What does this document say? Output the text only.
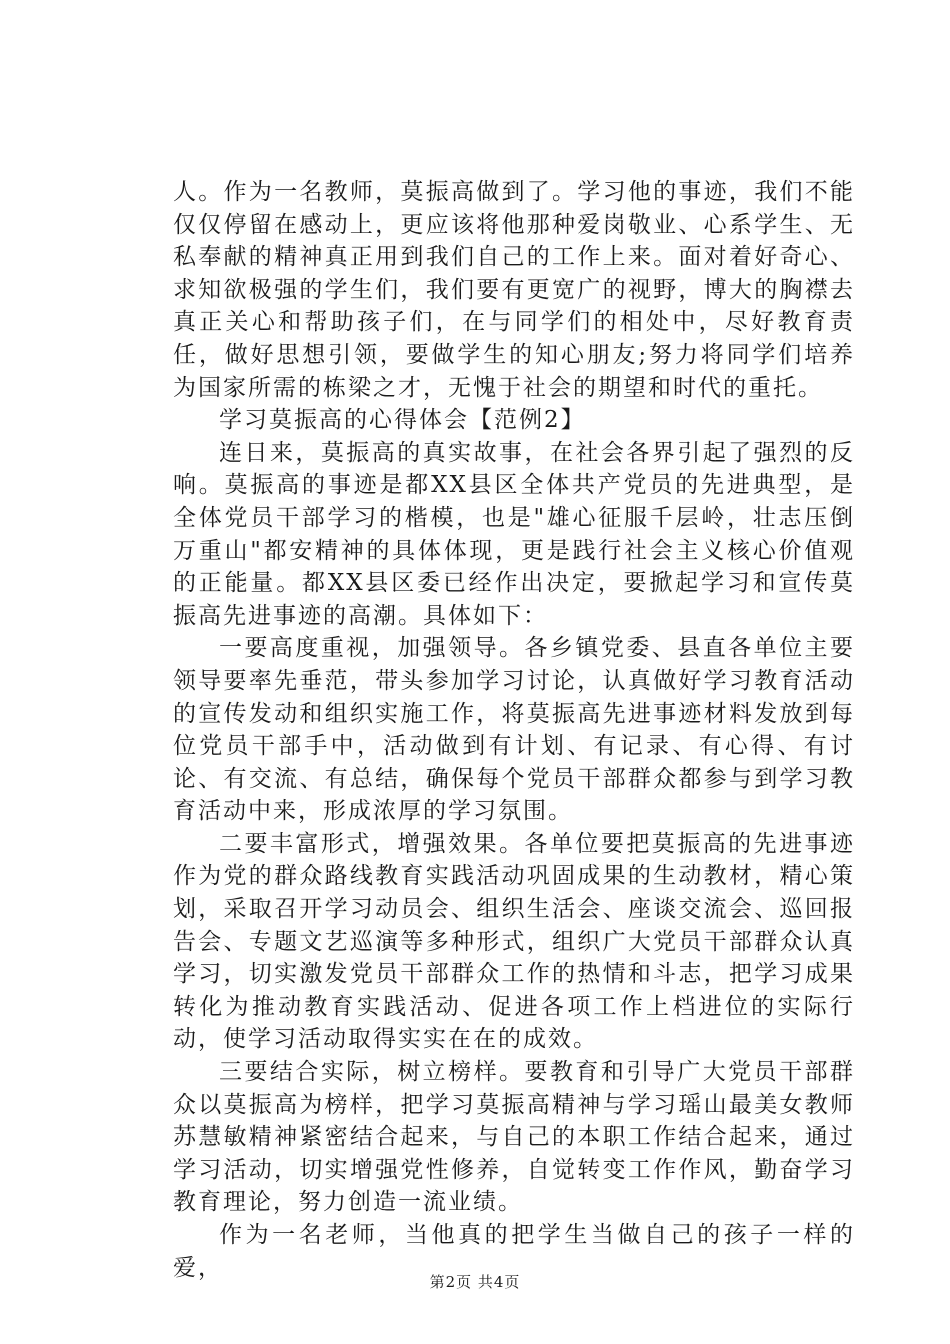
人。作为一名教师，莫振高做到了。学习他的事迹，我们不能仅仅停留在感动上，更应该将他那种爱岗敬业、心系学生、无私奉献的精神真正用到我们自己的工作上来。面对着好奇心、求知欲极强的学生们，我们要有更宽广的视野，博大的胸襟去真正关心和帮助孩子们，在与同学们的相处中，尽好教育责任，做好思想引领，要做学生的知心朋友;努力将同学们培养为国家所需的栋梁之才，无愧于社会的期望和时代的重托。

学习莫振高的心得体会【范例2】

连日来，莫振高的真实故事，在社会各界引起了强烈的反响。莫振高的事迹是都XX县区全体共产党员的先进典型，是全体党员干部学习的楷模，也是"雄心征服千层岭，壮志压倒万重山"都安精神的具体体现，更是践行社会主义核心价值观的正能量。都XX县区委已经作出决定，要掀起学习和宣传莫振高先进事迹的高潮。具体如下：

一要高度重视，加强领导。各乡镇党委、县直各单位主要领导要率先垂范，带头参加学习讨论，认真做好学习教育活动的宣传发动和组织实施工作，将莫振高先进事迹材料发放到每位党员干部手中，活动做到有计划、有记录、有心得、有讨论、有交流、有总结，确保每个党员干部群众都参与到学习教育活动中来，形成浓厚的学习氛围。

二要丰富形式，增强效果。各单位要把莫振高的先进事迹作为党的群众路线教育实践活动巩固成果的生动教材，精心策划，采取召开学习动员会、组织生活会、座谈交流会、巡回报告会、专题文艺巡演等多种形式，组织广大党员干部群众认真学习，切实激发党员干部群众工作的热情和斗志，把学习成果转化为推动教育实践活动、促进各项工作上档进位的实际行动，使学习活动取得实实在在的成效。

三要结合实际，树立榜样。要教育和引导广大党员干部群众以莫振高为榜样，把学习莫振高精神与学习瑶山最美女教师苏慧敏精神紧密结合起来，与自己的本职工作结合起来，通过学习活动，切实增强党性修养，自觉转变工作作风，勤奋学习教育理论，努力创造一流业绩。

作为一名老师，当他真的把学生当做自己的孩子一样的爱，

第2页 共4页
